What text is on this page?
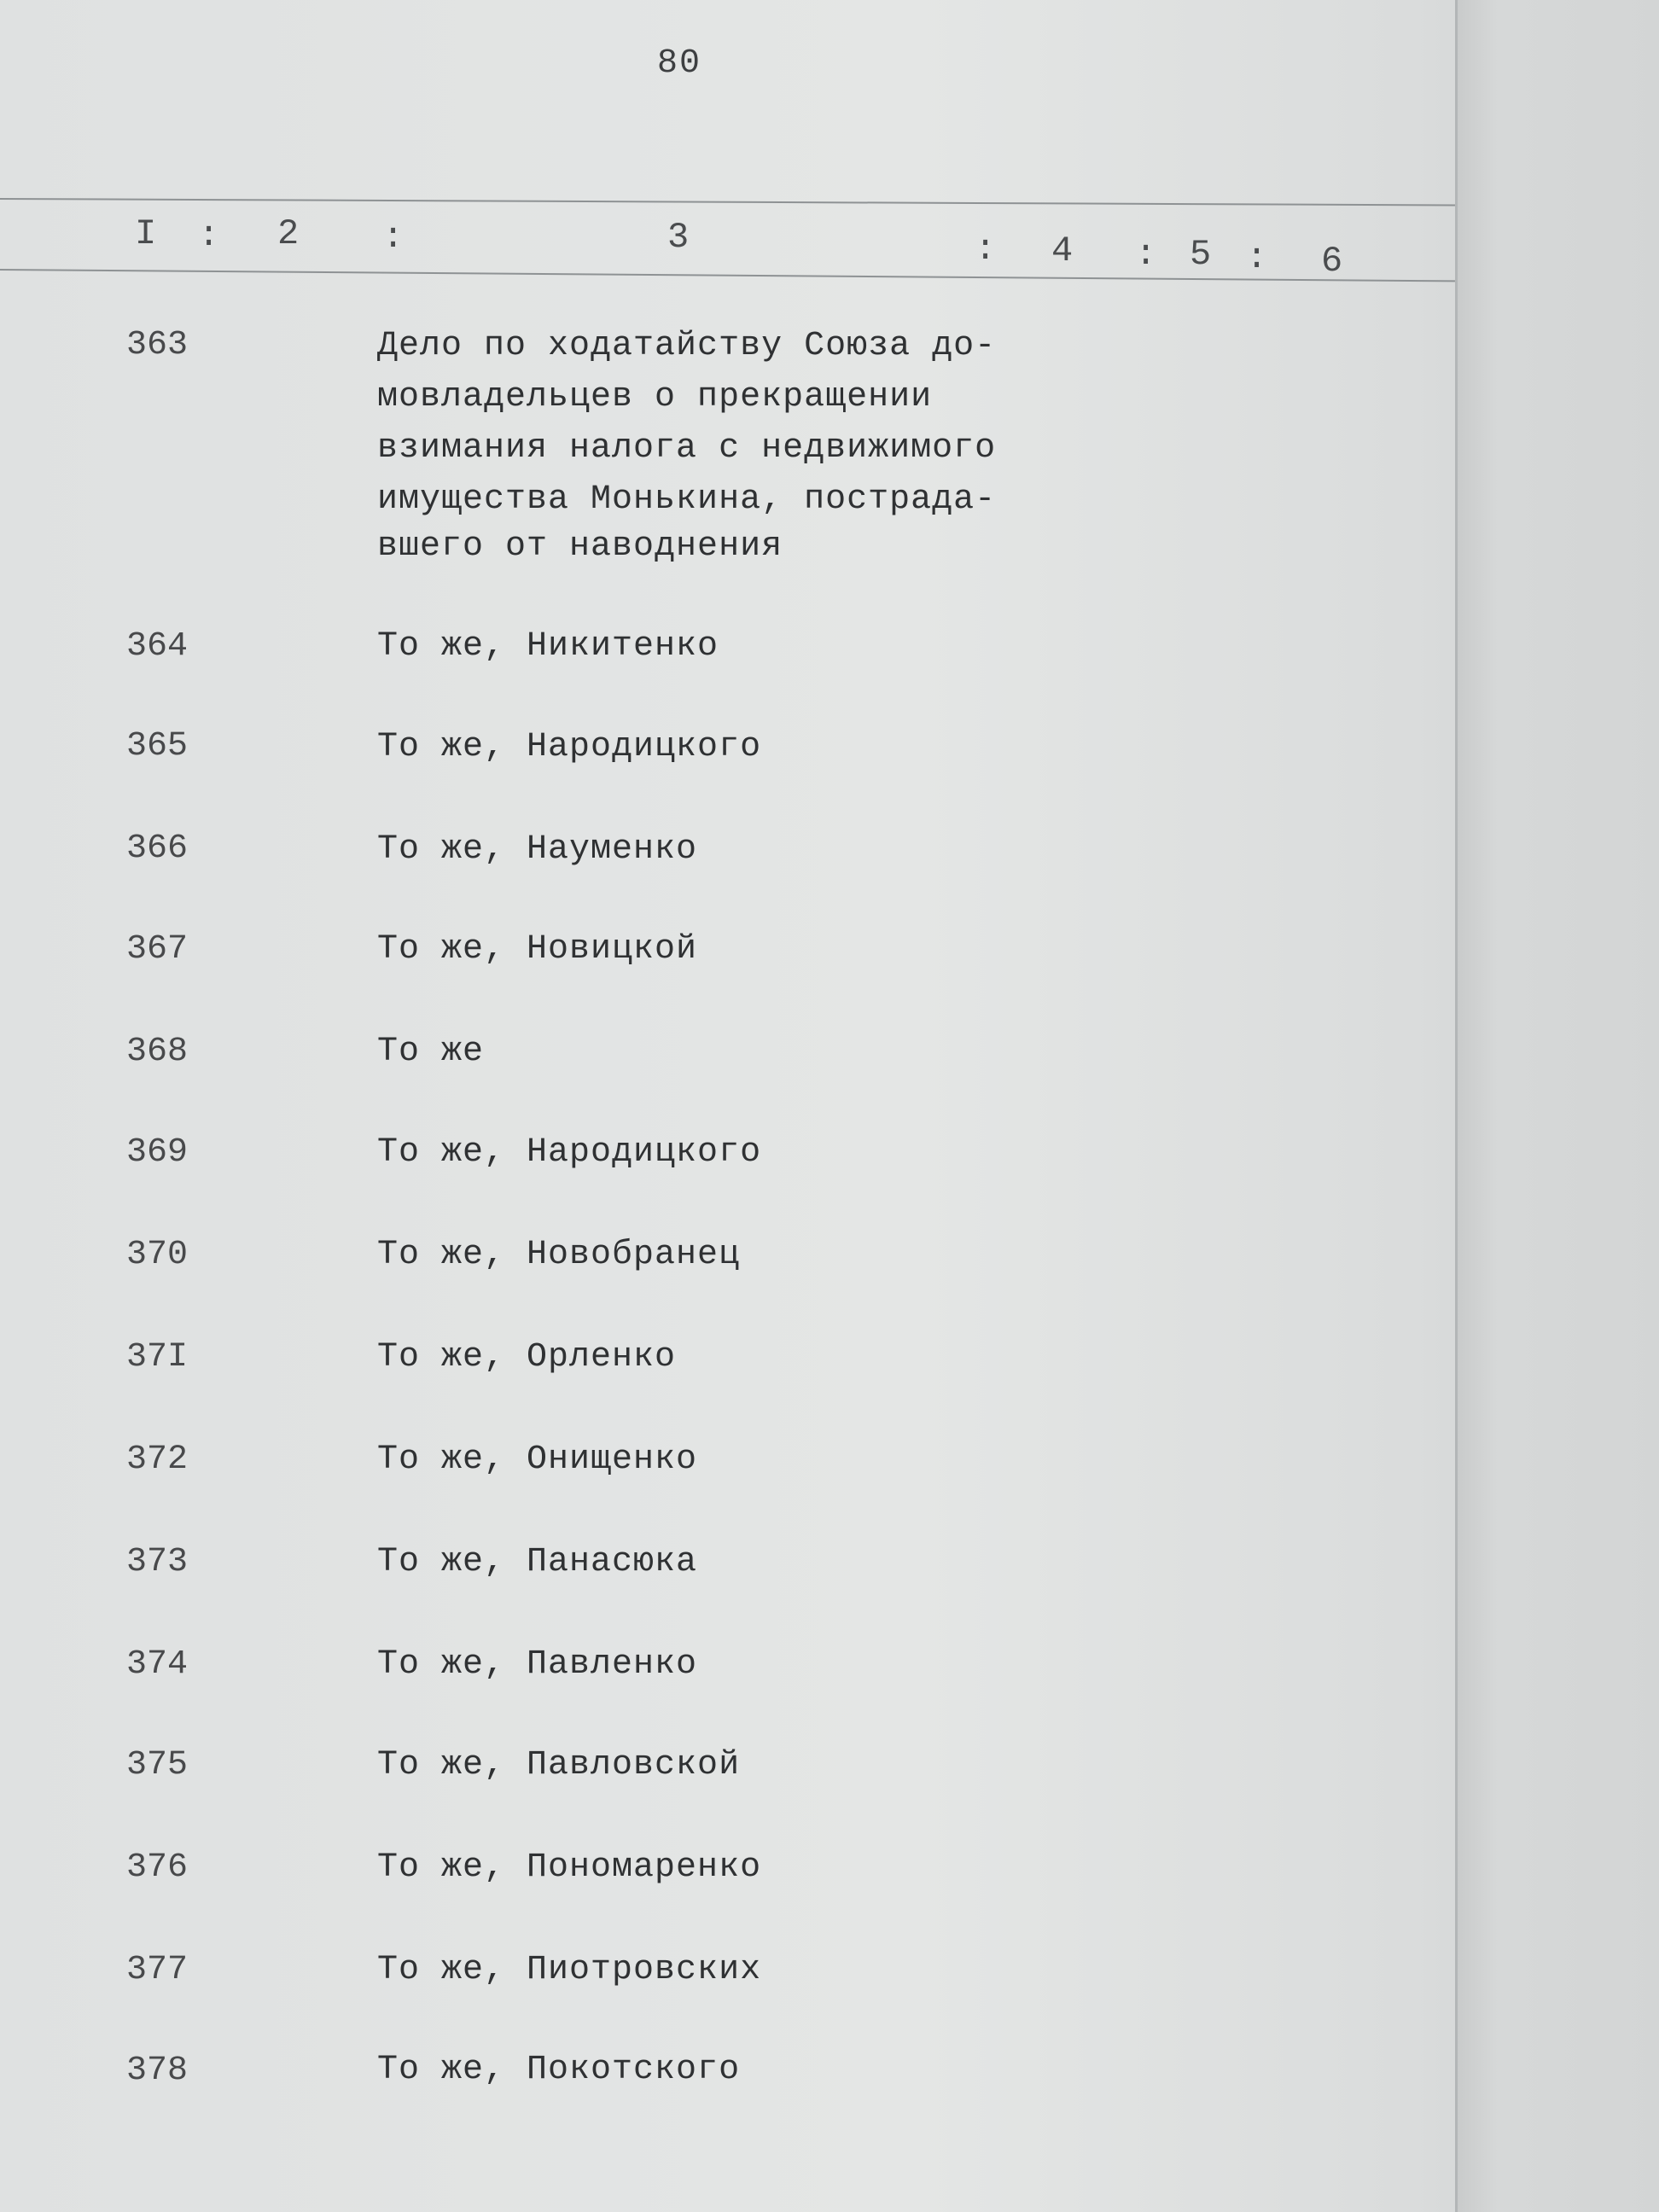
80
I : 2 :	3	: 4 : 5 : 6
363	Дело по ходатайству Союза до-
мовладельцев о прекращении
взимания налога с недвижимого
имущества Монькина, пострада-
вшего от наводнения
364	То же, Никитенко
365	То же, Народицкого
366	То же, Науменко
367	То же, Новицкой
368	То же
369	То же, Народицкого
370	То же, Новобранец
37I	То же, Орленко
372	То же, Онищенко
373	То же, Панасюка
374	То же, Павленко
375	То же, Павловской
376	То же, Пономаренко
377	То же, Пиотровских
378	То же, Покотского
